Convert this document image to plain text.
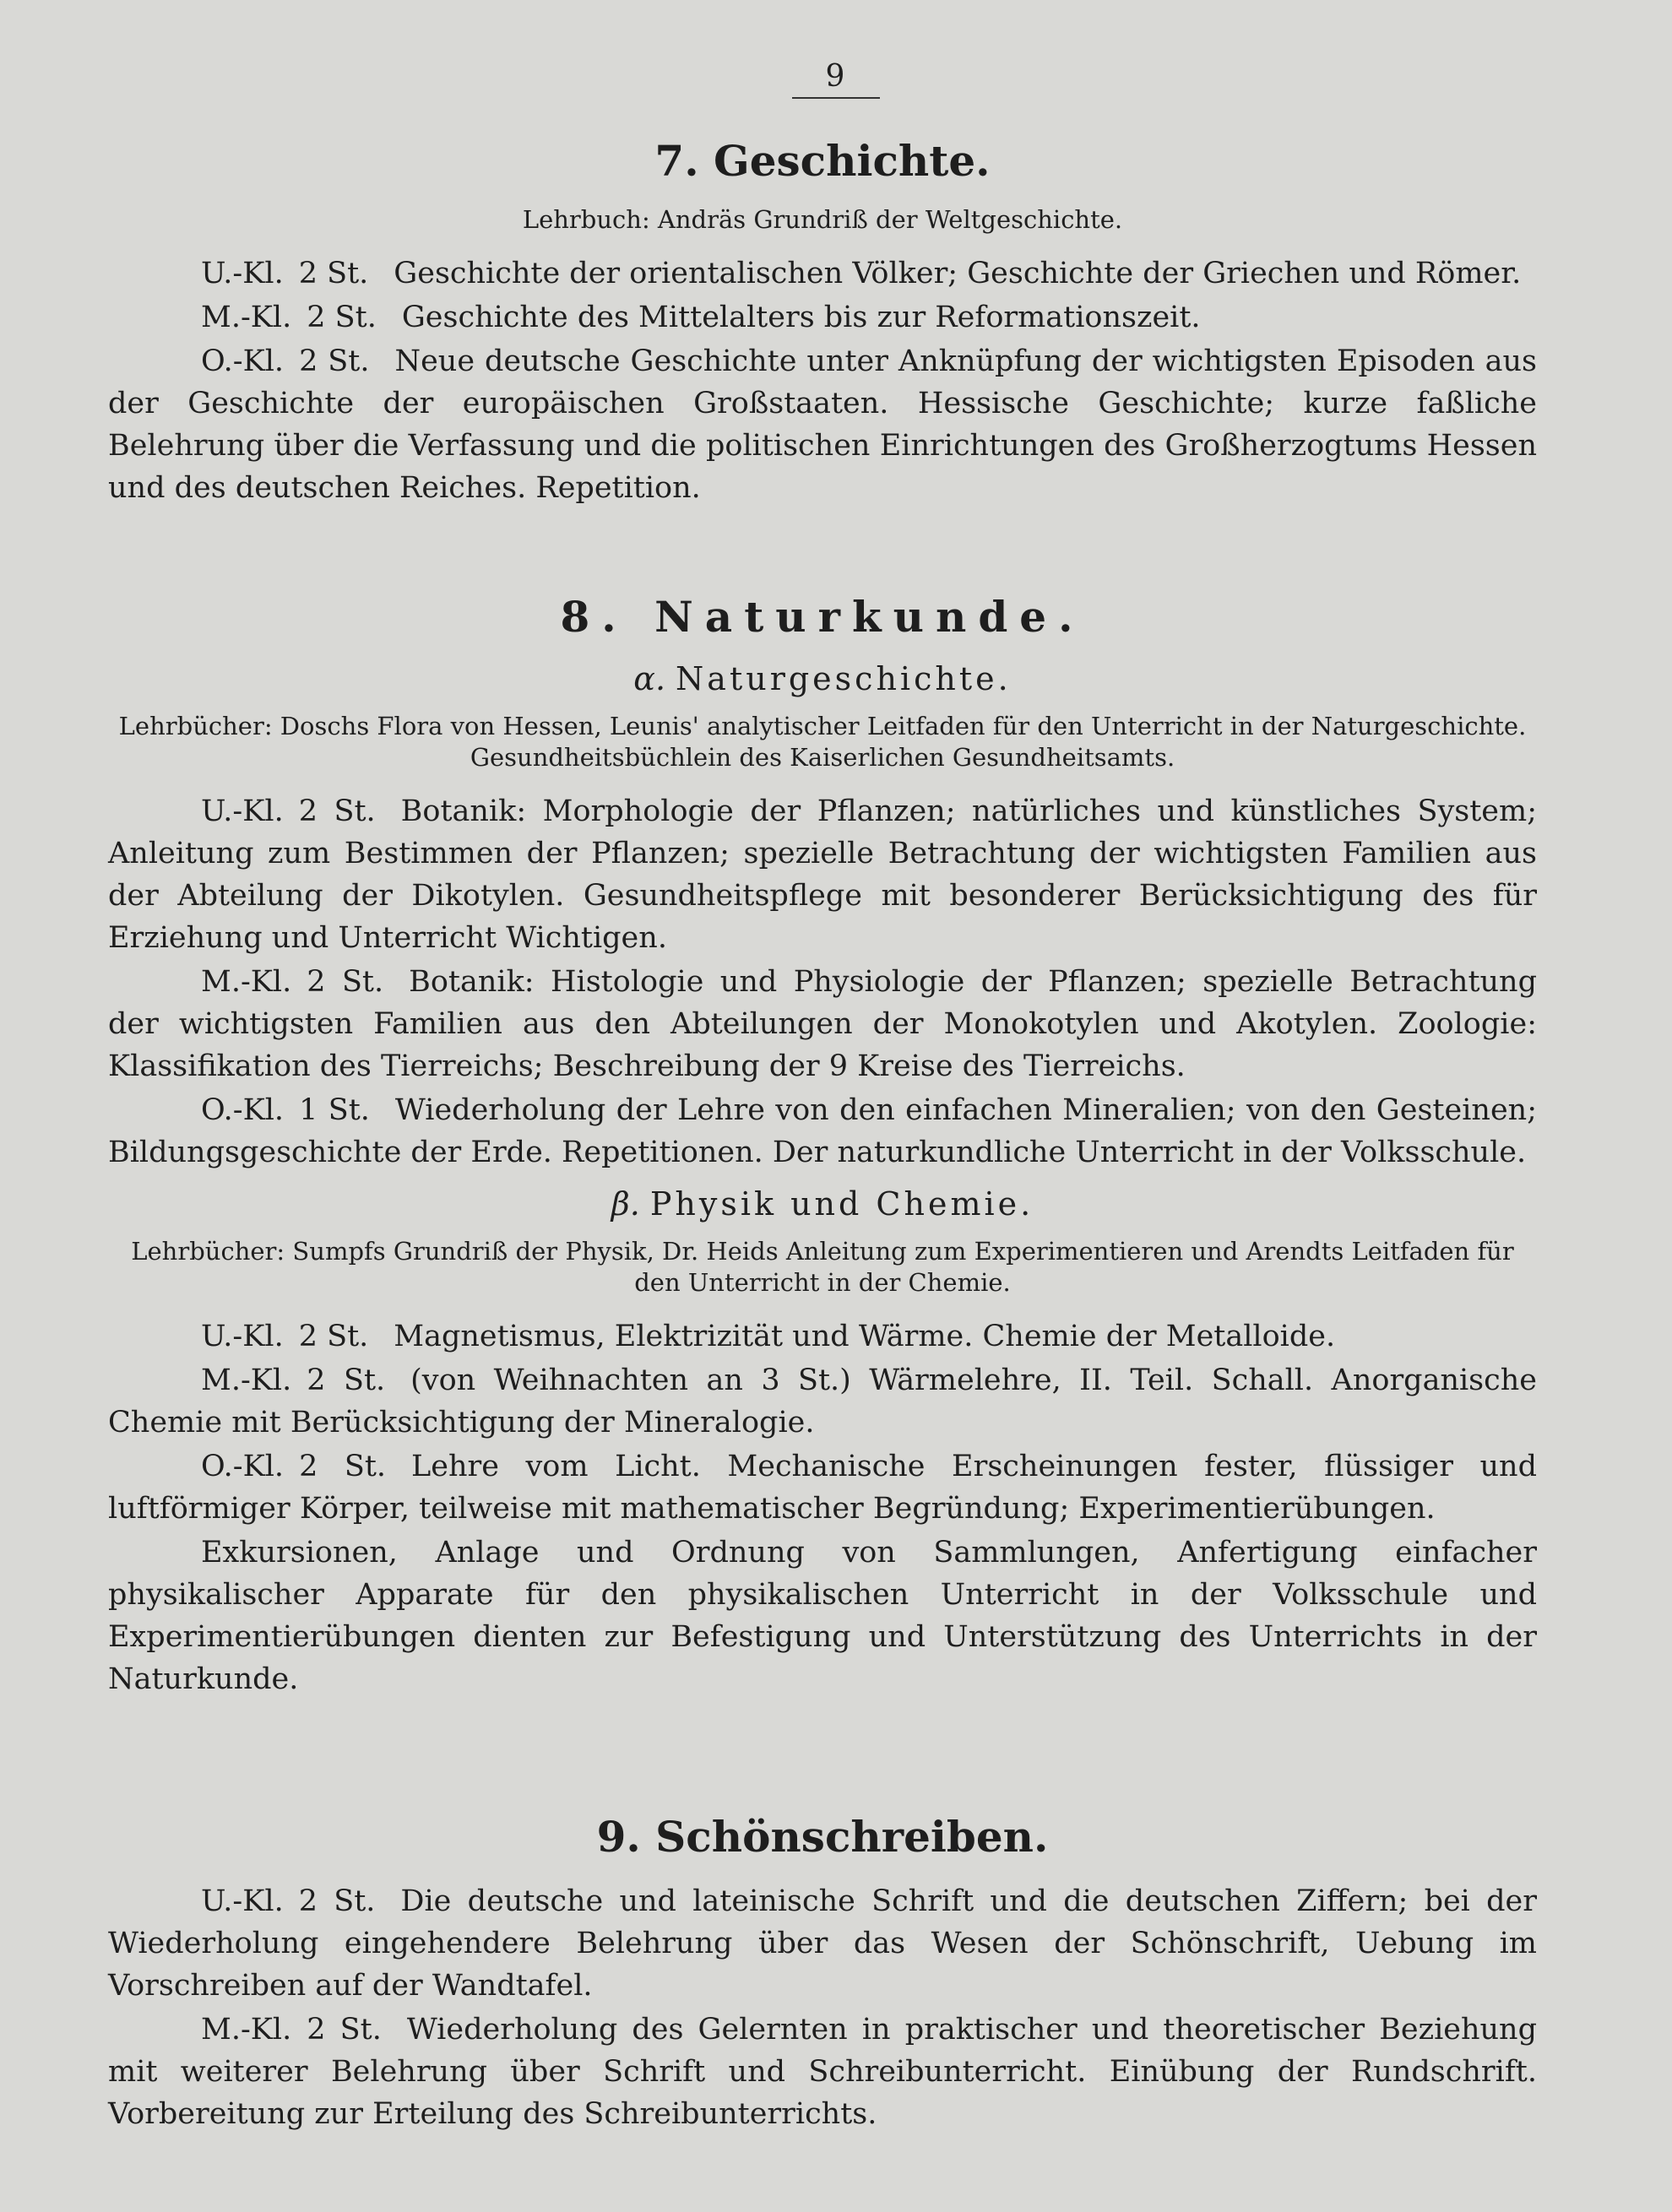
9
7. Geschichte.
Lehrbuch: Andräs Grundriß der Weltgeschichte.

U.-Kl. 2 St. Geschichte der orientalischen Völker; Geschichte der Griechen und Römer.

M.-Kl. 2 St. Geschichte des Mittelalters bis zur Reformationszeit.

O.-Kl. 2 St. Neue deutsche Geschichte unter Anknüpfung der wichtigsten Episoden aus der Geschichte der europäischen Großstaaten. Hessische Geschichte; kurze faßliche Belehrung über die Verfassung und die politischen Einrichtungen des Großherzogtums Hessen und des deutschen Reiches. Repetition.

8. Naturkunde.
α. Naturgeschichte.
Lehrbücher: Doschs Flora von Hessen, Leunis' analytischer Leitfaden für den Unterricht in der Naturgeschichte. Gesundheitsbüchlein des Kaiserlichen Gesundheitsamts.

U.-Kl. 2 St. Botanik: Morphologie der Pflanzen; natürliches und künstliches System; Anleitung zum Bestimmen der Pflanzen; spezielle Betrachtung der wichtigsten Familien aus der Abteilung der Dikotylen. Gesundheitspflege mit besonderer Berücksichtigung des für Erziehung und Unterricht Wichtigen.

M.-Kl. 2 St. Botanik: Histologie und Physiologie der Pflanzen; spezielle Betrachtung der wichtigsten Familien aus den Abteilungen der Monokotylen und Akotylen. Zoologie: Klassifikation des Tierreichs; Beschreibung der 9 Kreise des Tierreichs.

O.-Kl. 1 St. Wiederholung der Lehre von den einfachen Mineralien; von den Gesteinen; Bildungsgeschichte der Erde. Repetitionen. Der naturkundliche Unterricht in der Volksschule.

β. Physik und Chemie.
Lehrbücher: Sumpfs Grundriß der Physik, Dr. Heids Anleitung zum Experimentieren und Arendts Leitfaden für den Unterricht in der Chemie.

U.-Kl. 2 St. Magnetismus, Elektrizität und Wärme. Chemie der Metalloide.

M.-Kl. 2 St. (von Weihnachten an 3 St.) Wärmelehre, II. Teil. Schall. Anorganische Chemie mit Berücksichtigung der Mineralogie.

O.-Kl. 2 St. Lehre vom Licht. Mechanische Erscheinungen fester, flüssiger und luftförmiger Körper, teilweise mit mathematischer Begründung; Experimentierübungen.

Exkursionen, Anlage und Ordnung von Sammlungen, Anfertigung einfacher physikalischer Apparate für den physikalischen Unterricht in der Volksschule und Experimentierübungen dienten zur Befestigung und Unterstützung des Unterrichts in der Naturkunde.

9. Schönschreiben.

U.-Kl. 2 St. Die deutsche und lateinische Schrift und die deutschen Ziffern; bei der Wiederholung eingehendere Belehrung über das Wesen der Schönschrift, Uebung im Vorschreiben auf der Wandtafel.

M.-Kl. 2 St. Wiederholung des Gelernten in praktischer und theoretischer Beziehung mit weiterer Belehrung über Schrift und Schreibunterricht. Einübung der Rundschrift. Vorbereitung zur Erteilung des Schreibunterrichts.
